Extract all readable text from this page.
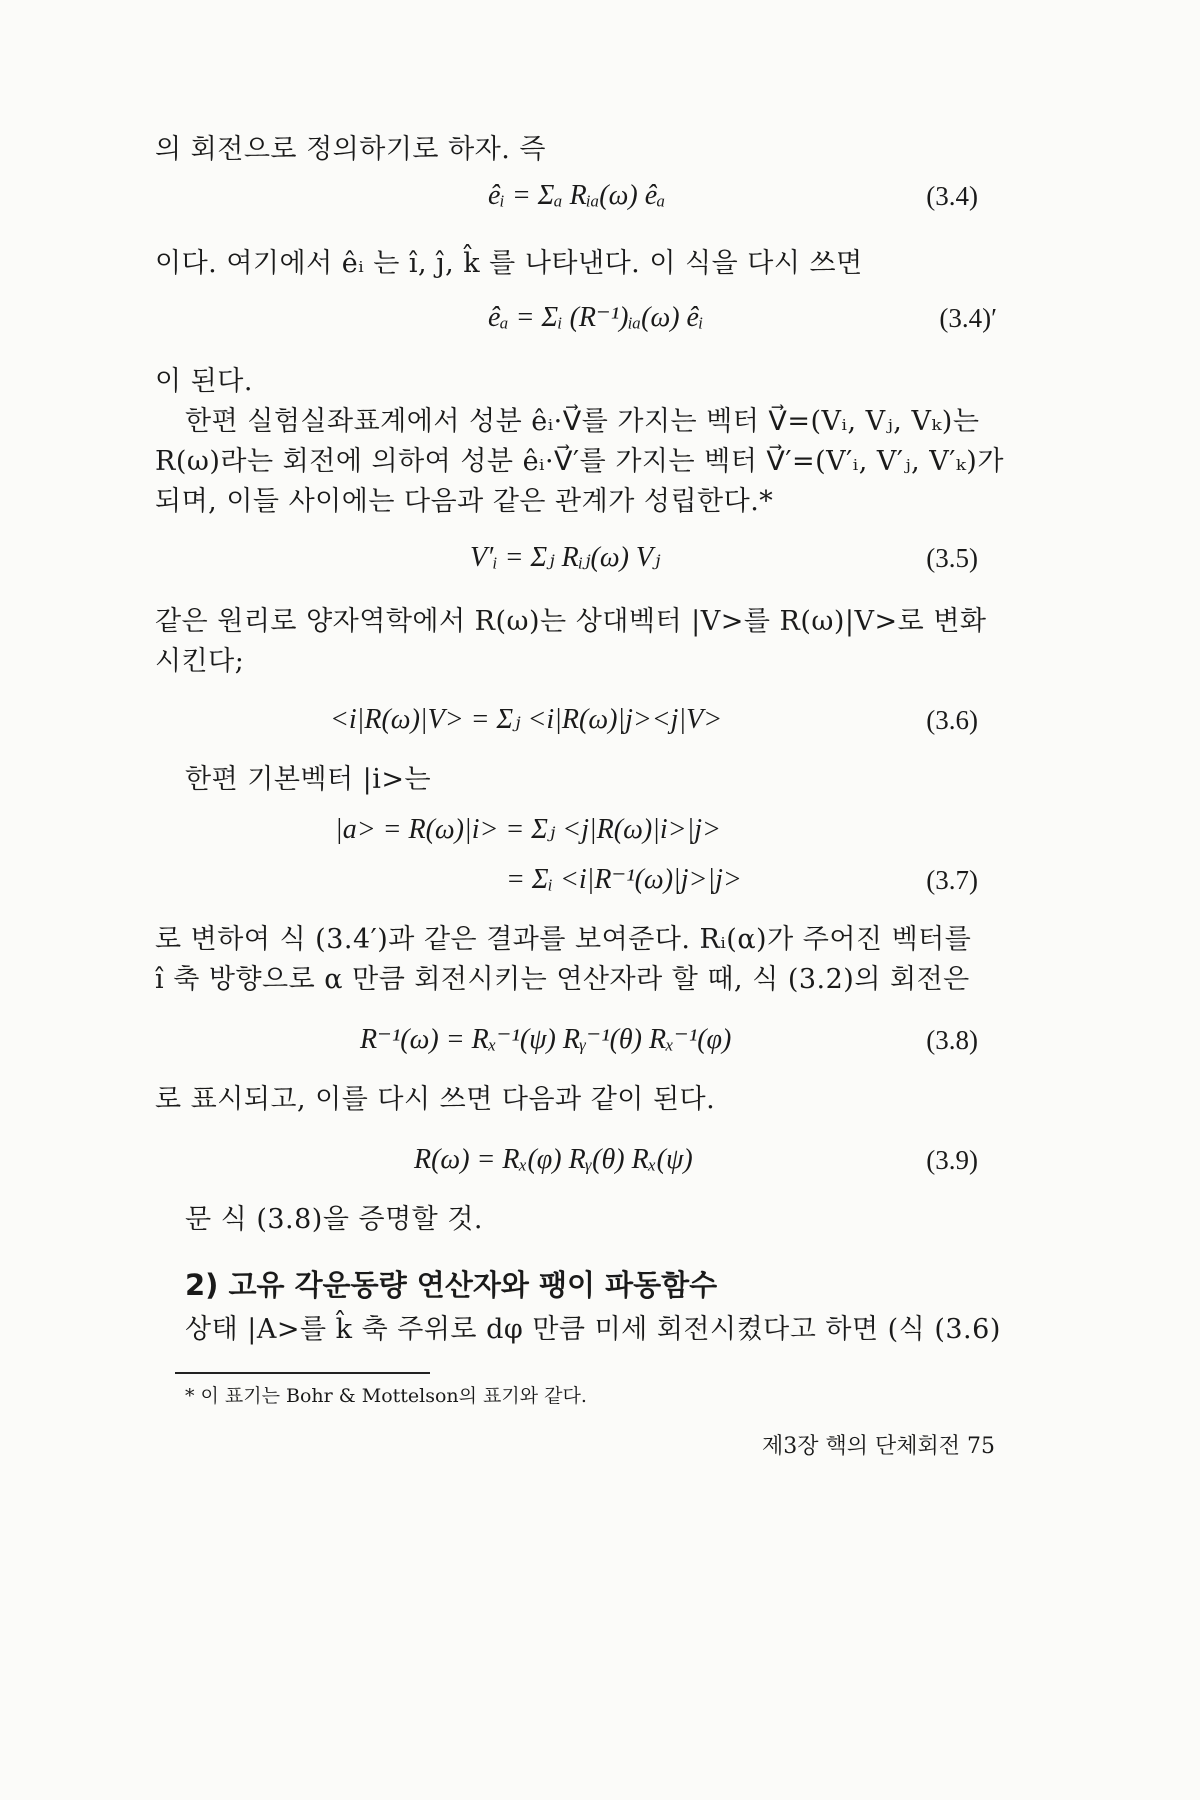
의 회전으로 정의하기로 하자. 즉
êᵢ = Σₐ Rᵢₐ(ω) êₐ	(3.4)
이다. 여기에서 êᵢ 는 î, ĵ, k̂ 를 나타낸다. 이 식을 다시 쓰면
êₐ = Σᵢ (R⁻¹)ᵢₐ(ω) êᵢ	(3.4)′
이 된다.
한편 실험실좌표계에서 성분 êᵢ·V⃗를 가지는 벡터 V⃗=(Vᵢ, Vⱼ, Vₖ)는
R(ω)라는 회전에 의하여 성분 êᵢ·V⃗′를 가지는 벡터 V⃗′=(V′ᵢ, V′ⱼ, V′ₖ)가
되며, 이들 사이에는 다음과 같은 관계가 성립한다.*
V′ᵢ = Σⱼ Rᵢⱼ(ω) Vⱼ	(3.5)
같은 원리로 양자역학에서 R(ω)는 상대벡터 |V>를 R(ω)|V>로 변화
시킨다;
<i|R(ω)|V> = Σⱼ <i|R(ω)|j><j|V>	(3.6)
한편 기본벡터 |i>는
|a> = R(ω)|i> = Σⱼ <j|R(ω)|i>|j>
= Σᵢ <i|R⁻¹(ω)|j>|j>	(3.7)
로 변하여 식 (3.4′)과 같은 결과를 보여준다. Rᵢ(α)가 주어진 벡터를
î 축 방향으로 α 만큼 회전시키는 연산자라 할 때, 식 (3.2)의 회전은
R⁻¹(ω) = Rₓ⁻¹(ψ) Rᵧ⁻¹(θ) Rₓ⁻¹(φ)	(3.8)
로 표시되고, 이를 다시 쓰면 다음과 같이 된다.
R(ω) = Rₓ(φ) Rᵧ(θ) Rₓ(ψ)	(3.9)
문 식 (3.8)을 증명할 것.
2) 고유 각운동량 연산자와 팽이 파동함수
상태 |A>를 k̂ 축 주위로 dφ 만큼 미세 회전시켰다고 하면 (식 (3.6)
* 이 표기는 Bohr & Mottelson의 표기와 같다.
제3장 핵의 단체회전 75
